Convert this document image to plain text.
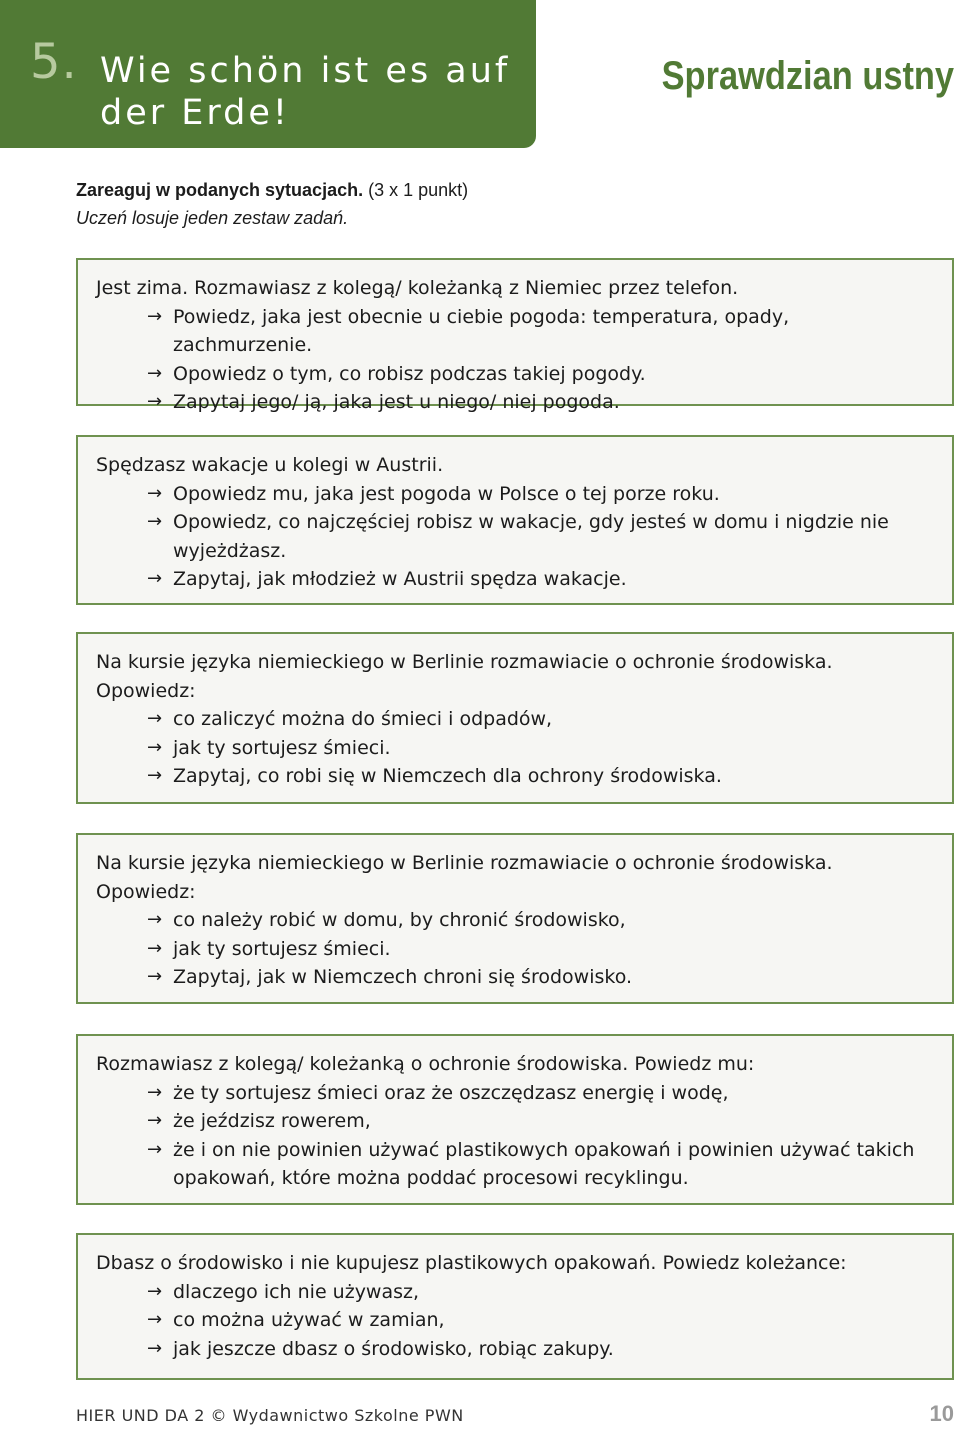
5. Wie schön ist es auf der Erde!
Sprawdzian ustny
Zareaguj w podanych sytuacjach. (3 x 1 punkt)
Uczeń losuje jeden zestaw zadań.
Jest zima. Rozmawiasz z kolegą/ koleżanką z Niemiec przez telefon.
→ Powiedz, jaka jest obecnie u ciebie pogoda: temperatura, opady, zachmurzenie.
→ Opowiedz o tym, co robisz podczas takiej pogody.
→ Zapytaj jego/ ją, jaka jest u niego/ niej pogoda.
Spędzasz wakacje u kolegi w Austrii.
→ Opowiedz mu, jaka jest pogoda w Polsce o tej porze roku.
→ Opowiedz, co najczęściej robisz w wakacje, gdy jesteś w domu i nigdzie nie wyjeżdżasz.
→ Zapytaj, jak młodzież w Austrii spędza wakacje.
Na kursie języka niemieckiego w Berlinie rozmawiacie o ochronie środowiska.
Opowiedz:
→ co zaliczyć można do śmieci i odpadów,
→ jak ty sortujesz śmieci.
→ Zapytaj, co robi się w Niemczech dla ochrony środowiska.
Na kursie języka niemieckiego w Berlinie rozmawiacie o ochronie środowiska.
Opowiedz:
→ co należy robić w domu, by chronić środowisko,
→ jak ty sortujesz śmieci.
→ Zapytaj, jak w Niemczech chroni się środowisko.
Rozmawiasz z kolegą/ koleżanką o ochronie środowiska. Powiedz mu:
→ że ty sortujesz śmieci oraz że oszczędzasz energię i wodę,
→ że jeździsz rowerem,
→ że i on nie powinien używać plastikowych opakowań i powinien używać takich opakowań, które można poddać procesowi recyklingu.
Dbasz o środowisko i nie kupujesz plastikowych opakowań. Powiedz koleżance:
→ dlaczego ich nie używasz,
→ co można używać w zamian,
→ jak jeszcze dbasz o środowisko, robiąc zakupy.
HIER UND DA 2 © Wydawnictwo Szkolne PWN	10
